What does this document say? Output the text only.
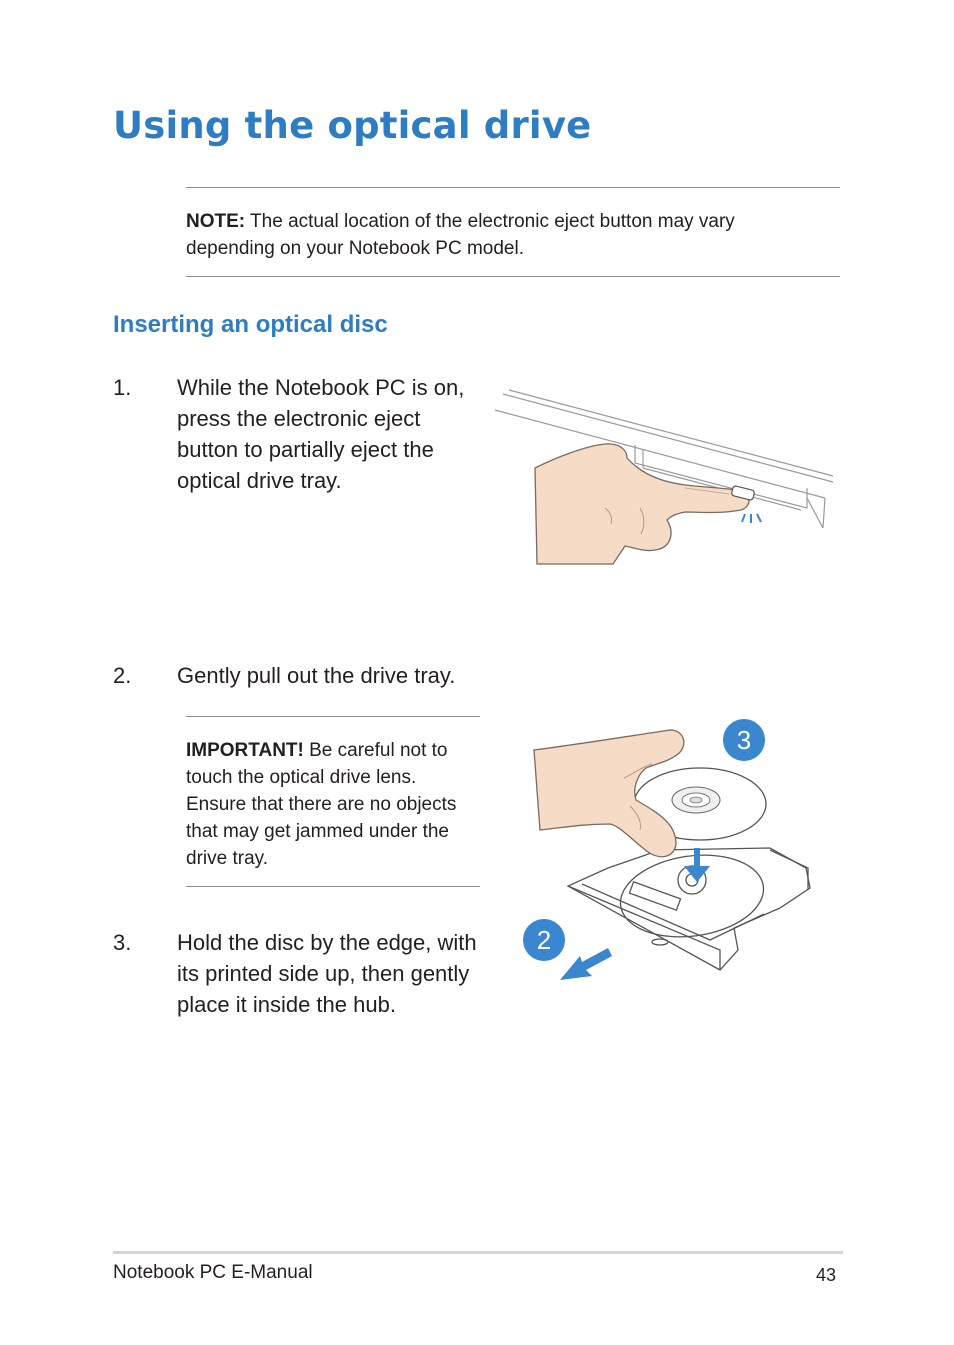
Using the optical drive
NOTE: The actual location of the electronic eject button may vary depending on your Notebook PC model.
Inserting an optical disc
1. While the Notebook PC is on, press the electronic eject button to partially eject the optical drive tray.
2. Gently pull out the drive tray.
IMPORTANT! Be careful not to touch the optical drive lens. Ensure that there are no objects that may get jammed under the drive tray.
3. Hold the disc by the edge, with its printed side up, then gently place it inside the hub.
3
2
Notebook PC E-Manual	43
